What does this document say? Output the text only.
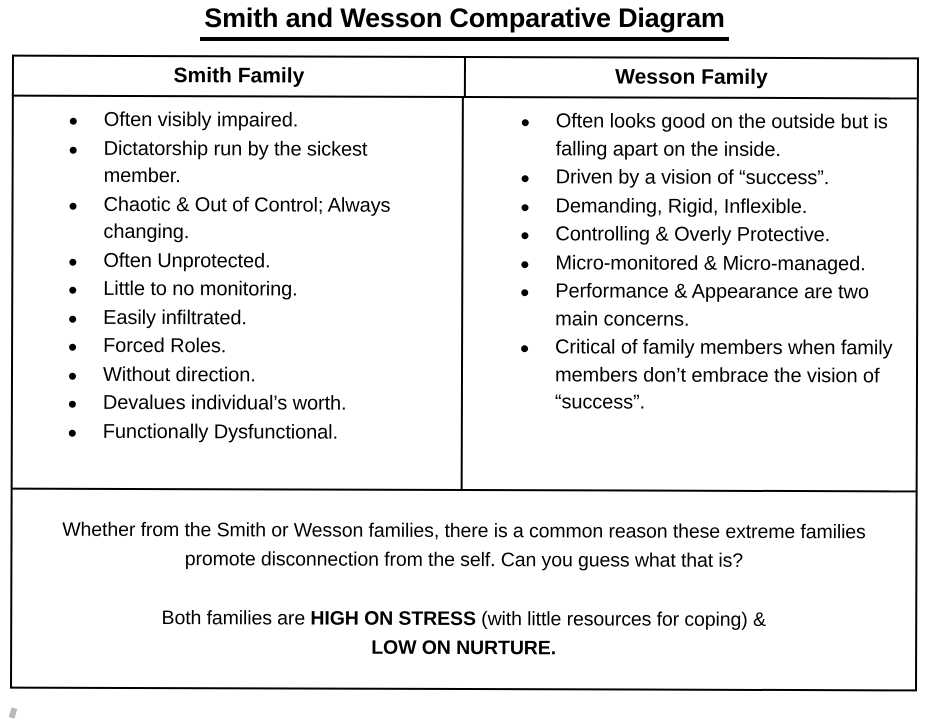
Smith and Wesson Comparative Diagram
Smith Family	Wesson Family
Often visibly impaired.
Dictatorship run by the sickest member.
Chaotic & Out of Control; Always changing.
Often Unprotected.
Little to no monitoring.
Easily infiltrated.
Forced Roles.
Without direction.
Devalues individual’s worth.
Functionally Dysfunctional.
Often looks good on the outside but is falling apart on the inside.
Driven by a vision of “success”.
Demanding, Rigid, Inflexible.
Controlling & Overly Protective.
Micro-monitored & Micro-managed.
Performance & Appearance are two main concerns.
Critical of family members when family members don’t embrace the vision of “success”.

Whether from the Smith or Wesson families, there is a common reason these extreme families promote disconnection from the self. Can you guess what that is?

Both families are HIGH ON STRESS (with little resources for coping) &
LOW ON NURTURE.
